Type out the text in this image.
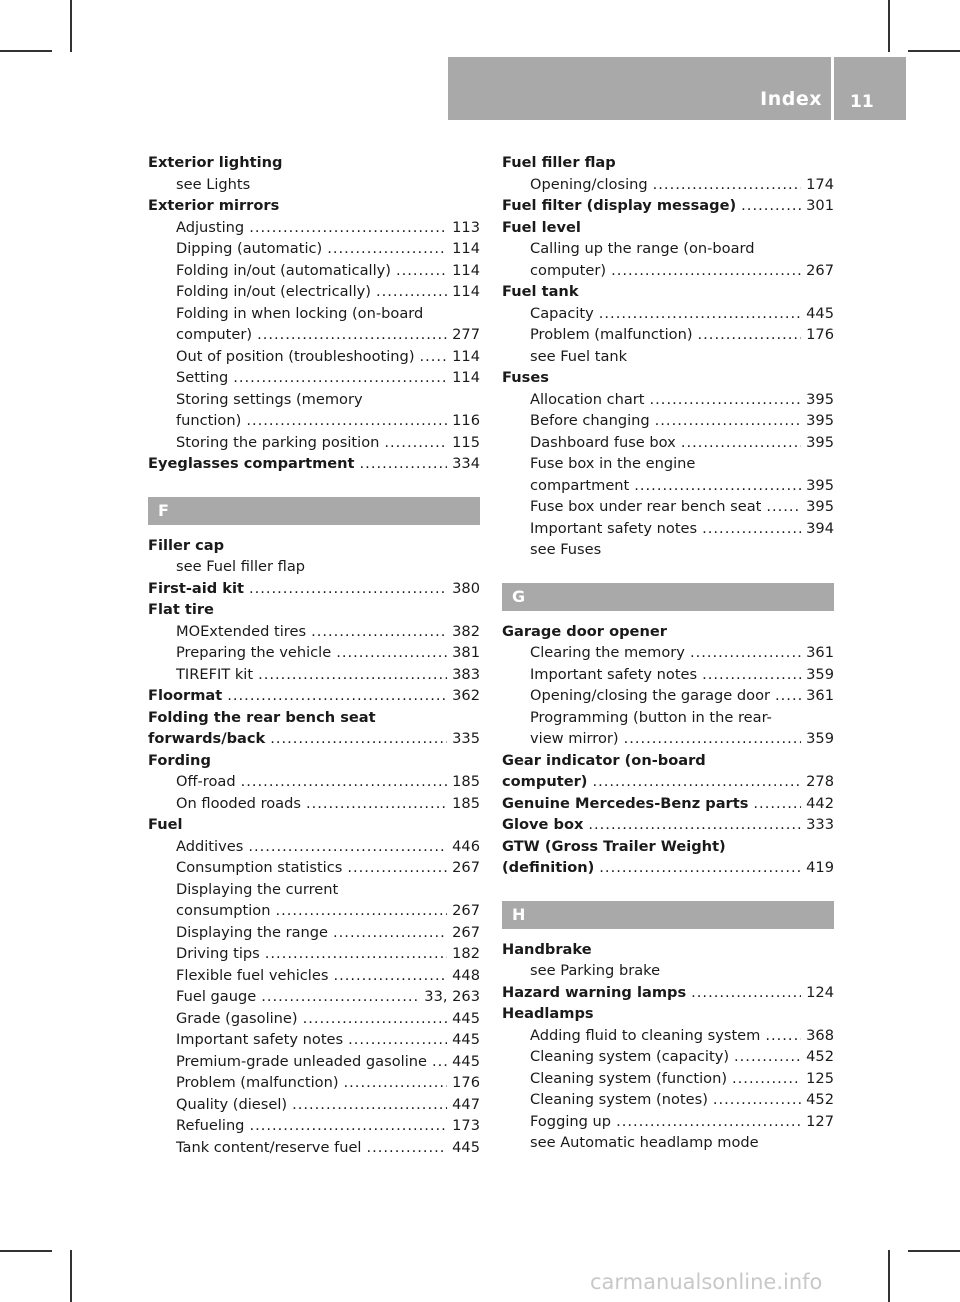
Index 11
Exterior lighting
see Lights
Exterior mirrors
Adjusting .....	113
Dipping (automatic) .....	114
Folding in/out (automatically) .....	114
Folding in/out (electrically) .....	114
Folding in when locking (on-board
computer) .....	277
Out of position (troubleshooting) .....	114
Setting .....	114
Storing settings (memory
function) .....	116
Storing the parking position .....	115
Eyeglasses compartment .....	334
F
Filler cap
see Fuel filler flap
First-aid kit .....	380
Flat tire
MOExtended tires .....	382
Preparing the vehicle .....	381
TIREFIT kit .....	383
Floormat .....	362
Folding the rear bench seat
forwards/back .....	335
Fording
Off-road .....	185
On flooded roads .....	185
Fuel
Additives .....	446
Consumption statistics .....	267
Displaying the current
consumption .....	267
Displaying the range .....	267
Driving tips .....	182
Flexible fuel vehicles .....	448
Fuel gauge .....	33, 263
Grade (gasoline) .....	445
Important safety notes .....	445
Premium-grade unleaded gasoline ..... 445
Problem (malfunction) .....	176
Quality (diesel) .....	447
Refueling .....	173
Tank content/reserve fuel .....	445
Fuel filler flap
Opening/closing .....	174
Fuel filter (display message) .....	301
Fuel level
Calling up the range (on-board
computer) .....	267
Fuel tank
Capacity .....	445
Problem (malfunction) .....	176
see Fuel tank
Fuses
Allocation chart .....	395
Before changing .....	395
Dashboard fuse box .....	395
Fuse box in the engine
compartment .....	395
Fuse box under rear bench seat .....	395
Important safety notes .....	394
see Fuses
G
Garage door opener
Clearing the memory .....	361
Important safety notes .....	359
Opening/closing the garage door ..... 361
Programming (button in the rear-
view mirror) .....	359
Gear indicator (on-board
computer) .....	278
Genuine Mercedes-Benz parts .....	442
Glove box .....	333
GTW (Gross Trailer Weight)
(definition) .....	419
H
Handbrake
see Parking brake
Hazard warning lamps .....	124
Headlamps
Adding fluid to cleaning system .....	368
Cleaning system (capacity) .....	452
Cleaning system (function) .....	125
Cleaning system (notes) .....	452
Fogging up .....	127
see Automatic headlamp mode
carmanualsonline.info
